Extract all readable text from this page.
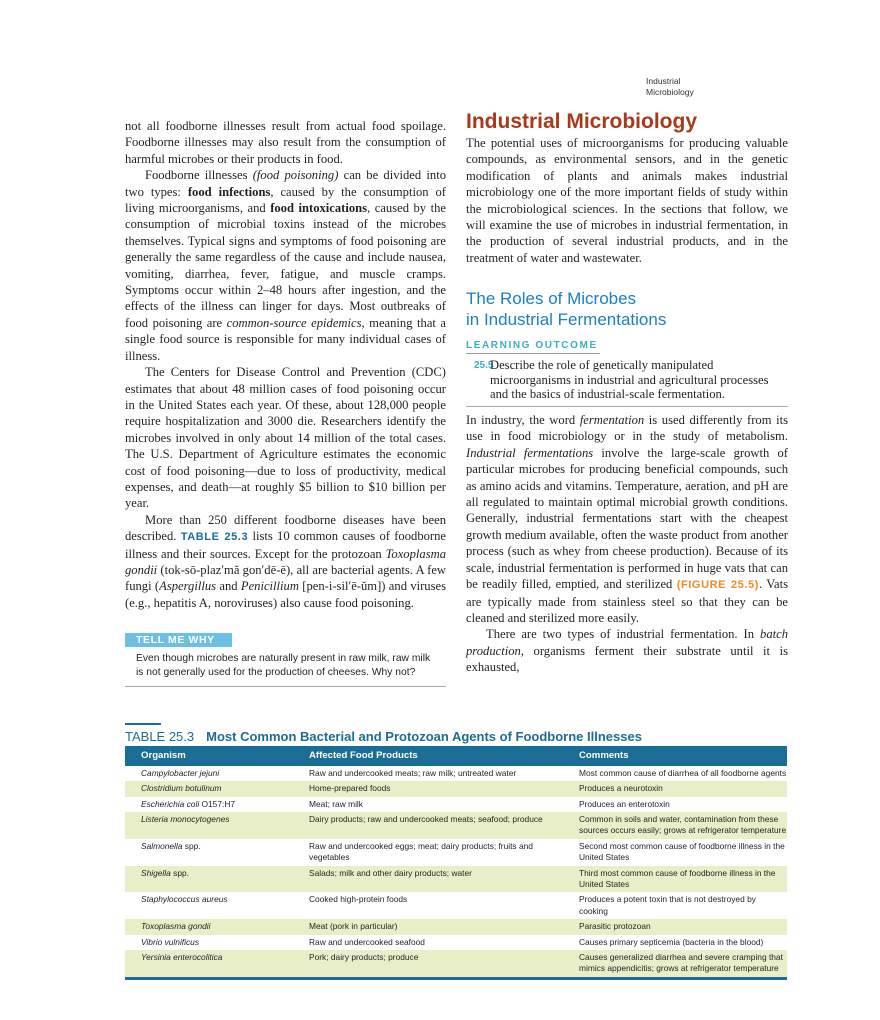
Industrial Microbiology

not all foodborne illnesses result from actual food spoilage. Foodborne illnesses may also result from the consumption of harmful microbes or their products in food.

Foodborne illnesses (food poisoning) can be divided into two types: food infections, caused by the consumption of living microorganisms, and food intoxications, caused by the consumption of microbial toxins instead of the microbes themselves. Typical signs and symptoms of food poisoning are generally the same regardless of the cause and include nausea, vomiting, diarrhea, fever, fatigue, and muscle cramps. Symptoms occur within 2–48 hours after ingestion, and the effects of the illness can linger for days. Most outbreaks of food poisoning are common-source epidemics, meaning that a single food source is responsible for many individual cases of illness.

The Centers for Disease Control and Prevention (CDC) estimates that about 48 million cases of food poisoning occur in the United States each year. Of these, about 128,000 people require hospitalization and 3000 die. Researchers identify the microbes involved in only about 14 million of the total cases. The U.S. Department of Agriculture estimates the economic cost of food poisoning—due to loss of productivity, medical expenses, and death—at roughly $5 billion to $10 billion per year.

More than 250 different foodborne diseases have been described. TABLE 25.3 lists 10 common causes of foodborne illness and their sources. Except for the protozoan Toxoplasma gondii (tok-sō-plaz′mă gon′dē-ē), all are bacterial agents. A few fungi (Aspergillus and Penicillium [pen-i-sil′ē-ŭm]) and viruses (e.g., hepatitis A, noroviruses) also cause food poisoning.

TELL ME WHY
Even though microbes are naturally present in raw milk, raw milk is not generally used for the production of cheeses. Why not?
Industrial Microbiology

The potential uses of microorganisms for producing valuable compounds, as environmental sensors, and in the genetic modification of plants and animals makes industrial microbiology one of the more important fields of study within the microbiological sciences. In the sections that follow, we will examine the use of microbes in industrial fermentation, in the production of several industrial products, and in the treatment of water and wastewater.

The Roles of Microbes
in Industrial Fermentations
LEARNING OUTCOME
25.5
Describe the role of genetically manipulated microorganisms in industrial and agricultural processes and the basics of industrial-scale fermentation.

In industry, the word fermentation is used differently from its use in food microbiology or in the study of metabolism. Industrial fermentations involve the large-scale growth of particular microbes for producing beneficial compounds, such as amino acids and vitamins. Temperature, aeration, and pH are all regulated to maintain optimal microbial growth conditions. Generally, industrial fermentations start with the cheapest growth medium available, often the waste product from another process (such as whey from cheese production). Because of its scale, industrial fermentation is performed in huge vats that can be readily filled, emptied, and sterilized (FIGURE 25.5). Vats are typically made from stainless steel so that they can be cleaned and sterilized more easily.

There are two types of industrial fermentation. In batch production, organisms ferment their substrate until it is exhausted,

TABLE 25.3 Most Common Bacterial and Protozoan Agents of Foodborne Illnesses
Organism	Affected Food Products	Comments
Campylobacter jejuni	Raw and undercooked meats; raw milk; untreated water	Most common cause of diarrhea of all foodborne agents
Clostridium botulinum	Home-prepared foods	Produces a neurotoxin
Escherichia coli O157:H7	Meat; raw milk	Produces an enterotoxin
Listeria monocytogenes	Dairy products; raw and undercooked meats; seafood; produce	Common in soils and water, contamination from these sources occurs easily; grows at refrigerator temperature
Salmonella spp.	Raw and undercooked eggs; meat; dairy products; fruits and vegetables	Second most common cause of foodborne illness in the United States
Shigella spp.	Salads; milk and other dairy products; water	Third most common cause of foodborne illness in the United States
Staphylococcus aureus	Cooked high-protein foods	Produces a potent toxin that is not destroyed by cooking
Toxoplasma gondii	Meat (pork in particular)	Parasitic protozoan
Vibrio vulnificus	Raw and undercooked seafood	Causes primary septicemia (bacteria in the blood)
Yersinia enterocolitica	Pork; dairy products; produce	Causes generalized diarrhea and severe cramping that mimics appendicitis; grows at refrigerator temperature
